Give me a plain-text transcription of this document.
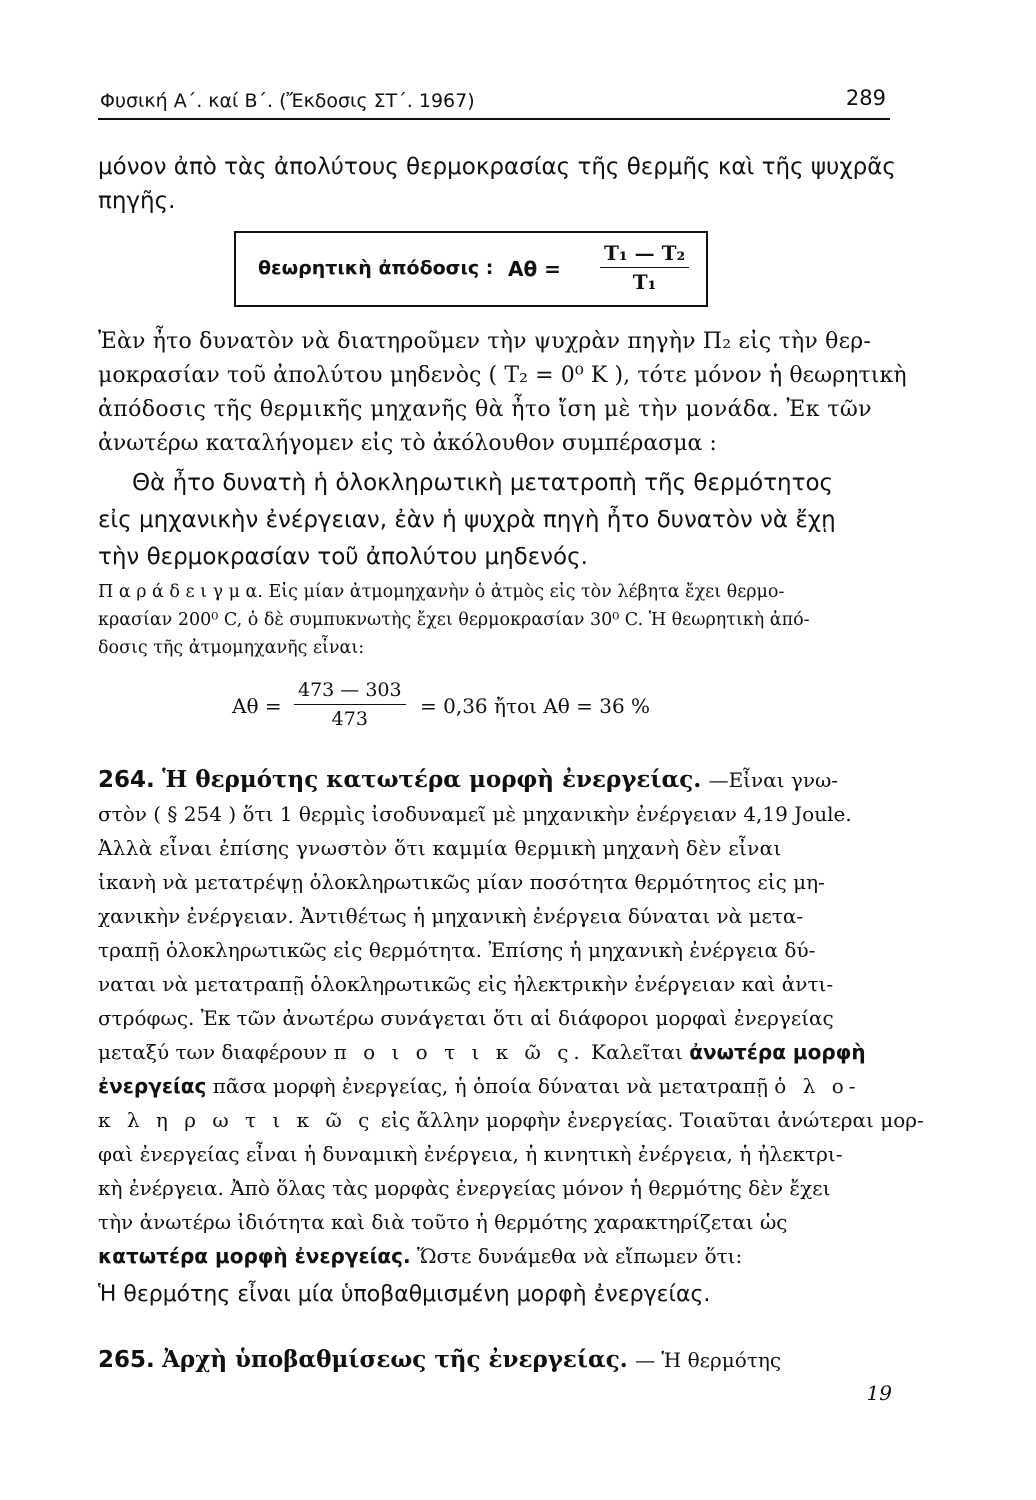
Φυσική Α΄. καί Β΄. (Ἔκδοσις ΣΤ΄. 1967)	289
μόνον ἀπὸ τὰς ἀπολύτους θερμοκρασίας τῆς θερμῆς καὶ τῆς ψυχρᾶς
πηγῆς.
θεωρητικὴ ἀπόδοσις : $A\theta = \frac{\text{T₁ — T₂}}{\text{T₁}}$
Ἐὰν ἦτο δυνατὸν νὰ διατηροῦμεν τὴν ψυχρὰν πηγὴν Π₂ εἰς τὴν θερ-
μοκρασίαν τοῦ ἀπολύτου μηδενὸς ( T₂ = 0⁰ Κ ), τότε μόνον ἡ θεωρητικὴ
ἀπόδοσις τῆς θερμικῆς μηχανῆς θὰ ἦτο ἴση μὲ τὴν μονάδα. Ἐκ τῶν
ἀνωτέρω καταλήγομεν εἰς τὸ ἀκόλουθον συμπέρασμα :
Θὰ ἦτο δυνατὴ ἡ ὁλοκληρωτικὴ μετατροπὴ τῆς θερμότητος
εἰς μηχανικὴν ἐνέργειαν, ἐὰν ἡ ψυχρὰ πηγὴ ἦτο δυνατὸν νὰ ἔχῃ
τὴν θερμοκρασίαν τοῦ ἀπολύτου μηδενός.
Π α ρ ά δ ε ι γ μ α. Εἰς μίαν ἀτμομηχανὴν ὁ ἀτμὸς εἰς τὸν λέβητα ἔχει θερμο-
κρασίαν 200⁰ C, ὁ δὲ συμπυκνωτὴς ἔχει θερμοκρασίαν 30⁰ C. Ἡ θεωρητικὴ ἀπό-
δοσις τῆς ἀτμομηχανῆς εἶναι:
$A\theta = \frac{473 — 303}{473} = 0,36$ ἤτοι Αθ = 36 %
264. Ἡ θερμότης κατωτέρα μορφὴ ἐνεργείας. —Εἶναι γνω-
στὸν ( § 254 ) ὅτι 1 θερμὶς ἰσοδυναμεῖ μὲ μηχανικὴν ἐνέργειαν 4,19 Joule.
Ἀλλὰ εἶναι ἐπίσης γνωστὸν ὅτι καμμία θερμικὴ μηχανὴ δὲν εἶναι
ἱκανὴ νὰ μετατρέψῃ ὁλοκληρωτικῶς μίαν ποσότητα θερμότητος εἰς μη-
χανικὴν ἐνέργειαν. Ἀντιθέτως ἡ μηχανικὴ ἐνέργεια δύναται νὰ μετα-
τραπῇ ὁλοκληρωτικῶς εἰς θερμότητα. Ἐπίσης ἡ μηχανικὴ ἐνέργεια δύ-
ναται νὰ μετατραπῇ ὁλοκληρωτικῶς εἰς ἠλεκτρικὴν ἐνέργειαν καὶ ἀντι-
στρόφως. Ἐκ τῶν ἀνωτέρω συνάγεται ὅτι αἱ διάφοροι μορφαὶ ἐνεργείας
μεταξύ των διαφέρουν π ο ι ο τ ι κ ῶ ς. Καλεῖται ἀνωτέρα μορφὴ
ἐνεργείας πᾶσα μορφὴ ἐνεργείας, ἡ ὁποία δύναται νὰ μετατραπῇ ὁ λ ο-
κ λ η ρ ω τ ι κ ῶ ς εἰς ἄλλην μορφὴν ἐνεργείας. Τοιαῦται ἀνώτεραι μορ-
φαὶ ἐνεργείας εἶναι ἡ δυναμικὴ ἐνέργεια, ἡ κινητικὴ ἐνέργεια, ἡ ἠλεκτρι-
κὴ ἐνέργεια. Ἀπὸ ὅλας τὰς μορφὰς ἐνεργείας μόνον ἡ θερμότης δὲν ἔχει
τὴν ἀνωτέρω ἰδιότητα καὶ διὰ τοῦτο ἡ θερμότης χαρακτηρίζεται ὡς
κατωτέρα μορφὴ ἐνεργείας. Ὥστε δυνάμεθα νὰ εἴπωμεν ὅτι:
Ἡ θερμότης εἶναι μία ὑποβαθμισμένη μορφὴ ἐνεργείας.
265. Ἀρχὴ ὑποβαθμίσεως τῆς ἐνεργείας. — Ἡ θερμότης
19
